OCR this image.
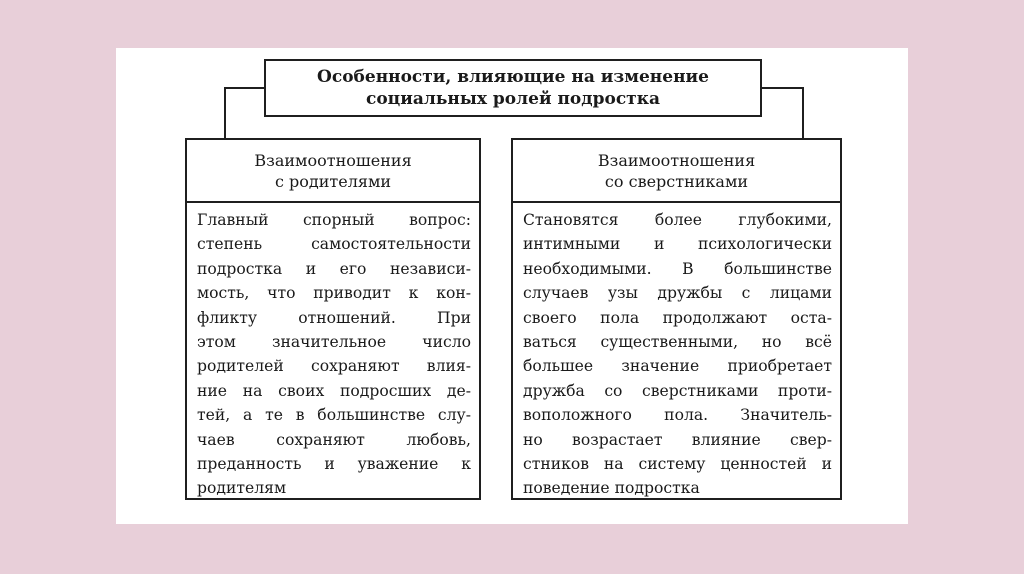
Особенности, влияющие на изменение
социальных ролей подростка
Взаимоотношения
с родителями
Главный спорный вопрос:
степень самостоятельности
подростка и его независи-
мость, что приводит к кон-
фликту отношений. При
этом значительное число
родителей сохраняют влия-
ние на своих подросших де-
тей, а те в большинстве слу-
чаев сохраняют любовь,
преданность и уважение к
родителям
Взаимоотношения
со сверстниками
Становятся более глубокими,
интимными и психологически
необходимыми. В большинстве
случаев узы дружбы с лицами
своего пола продолжают оста-
ваться существенными, но всё
большее значение приобретает
дружба со сверстниками проти-
воположного пола. Значитель-
но возрастает влияние свер-
стников на систему ценностей и
поведение подростка
